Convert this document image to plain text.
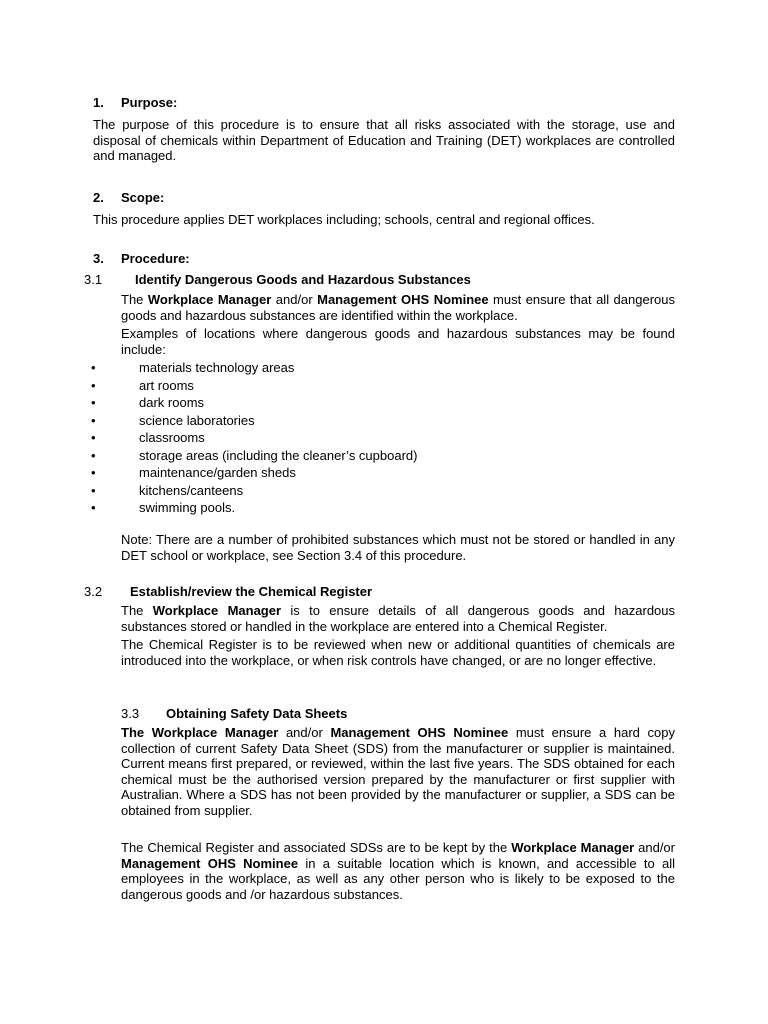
1. Purpose:

The purpose of this procedure is to ensure that all risks associated with the storage, use and disposal of chemicals within Department of Education and Training (DET) workplaces are controlled and managed.

2. Scope:

This procedure applies DET workplaces including; schools, central and regional offices.

3. Procedure:
3.1	Identify Dangerous Goods and Hazardous Substances

The Workplace Manager and/or Management OHS Nominee must ensure that all dangerous goods and hazardous substances are identified within the workplace.

Examples of locations where dangerous goods and hazardous substances may be found include:

•	materials technology areas
•	art rooms
•	dark rooms
•	science laboratories
•	classrooms
•	storage areas (including the cleaner’s cupboard)
•	maintenance/garden sheds
•	kitchens/canteens
•	swimming pools.

Note: There are a number of prohibited substances which must not be stored or handled in any DET school or workplace, see Section 3.4 of this procedure.

3.2 Establish/review the Chemical Register

The Workplace Manager is to ensure details of all dangerous goods and hazardous substances stored or handled in the workplace are entered into a Chemical Register.

The Chemical Register is to be reviewed when new or additional quantities of chemicals are introduced into the workplace, or when risk controls have changed, or are no longer effective.

3.3 Obtaining Safety Data Sheets

The Workplace Manager and/or Management OHS Nominee must ensure a hard copy collection of current Safety Data Sheet (SDS) from the manufacturer or supplier is maintained. Current means first prepared, or reviewed, within the last five years. The SDS obtained for each chemical must be the authorised version prepared by the manufacturer or first supplier with Australian. Where a SDS has not been provided by the manufacturer or supplier, a SDS can be obtained from supplier.

The Chemical Register and associated SDSs are to be kept by the Workplace Manager and/or Management OHS Nominee in a suitable location which is known, and accessible to all employees in the workplace, as well as any other person who is likely to be exposed to the dangerous goods and /or hazardous substances.
